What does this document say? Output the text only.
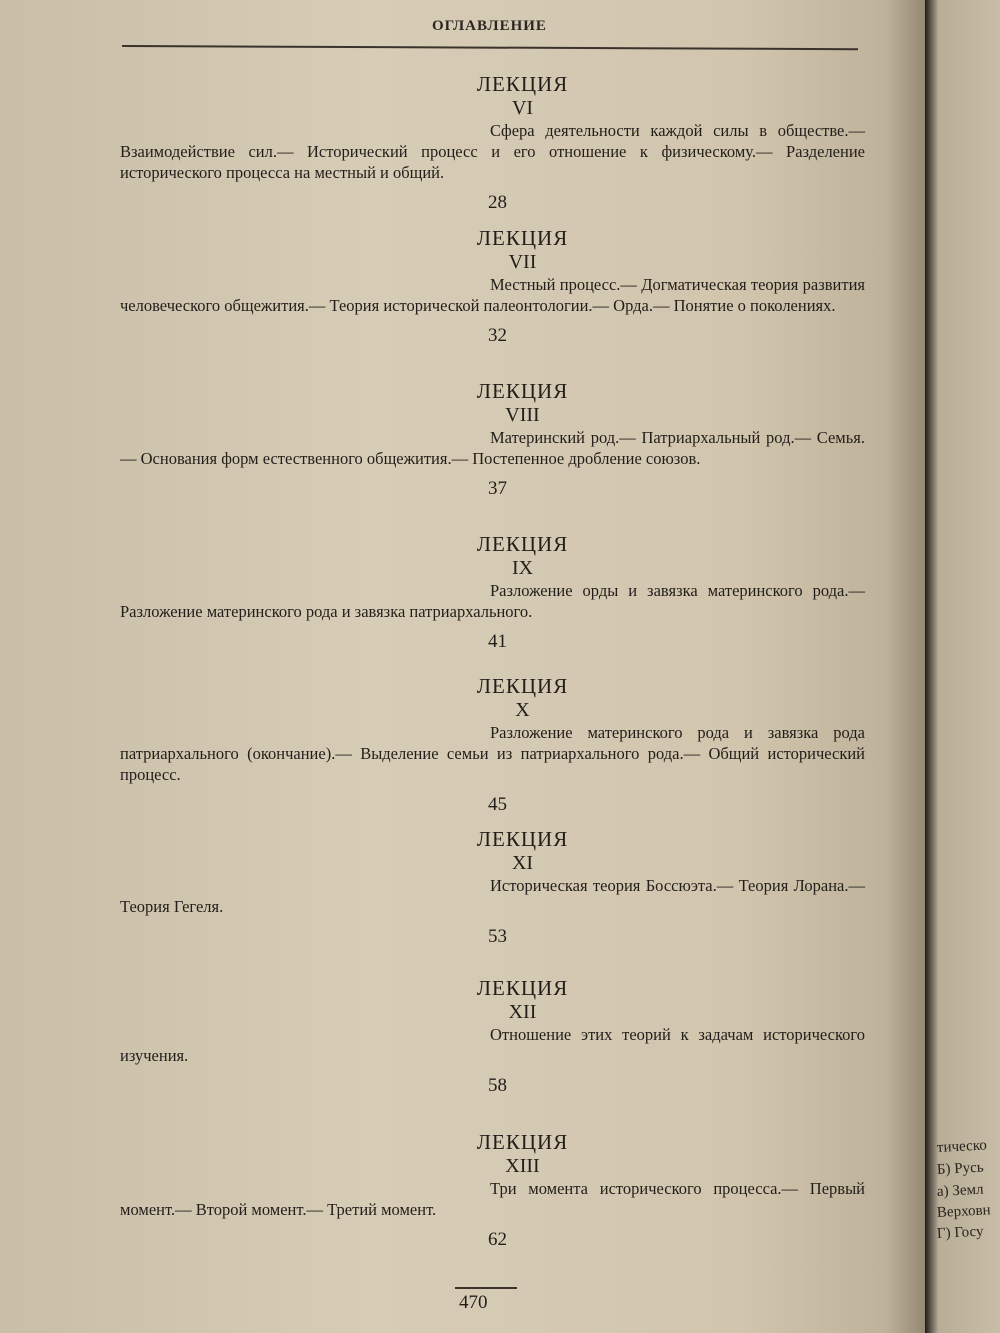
ОГЛАВЛЕНИЕ
ЛЕКЦИЯ
VI
Сфера деятельности каждой силы в обществе.— Взаимодействие сил.— Исторический процесс и его отношение к физическому.— Разделение исторического процесса на местный и общий.
28
ЛЕКЦИЯ
VII
Местный процесс.— Догматическая теория развития человеческого общежития.— Теория исторической палеонтологии.— Орда.— Понятие о поколениях.
32
ЛЕКЦИЯ
VIII
Материнский род.— Патриархальный род.— Семья.— Основания форм естественного общежития.— Постепенное дробление союзов.
37
ЛЕКЦИЯ
IX
Разложение орды и завязка материнского рода.— Разложение материнского рода и завязка патриархального.
41
ЛЕКЦИЯ
X
Разложение материнского рода и завязка рода патриархального (окончание).— Выделение семьи из патриархального рода.— Общий исторический процесс.
45
ЛЕКЦИЯ
XI
Историческая теория Боссюэта.— Теория Лорана.— Теория Гегеля.
53
ЛЕКЦИЯ
XII
Отношение этих теорий к задачам исторического изучения.
58
ЛЕКЦИЯ
XIII
Три момента исторического процесса.— Первый момент.— Второй момент.— Третий момент.
62
470
тическо
Б) Русь
а) Земл
Верховн
Г) Госу
